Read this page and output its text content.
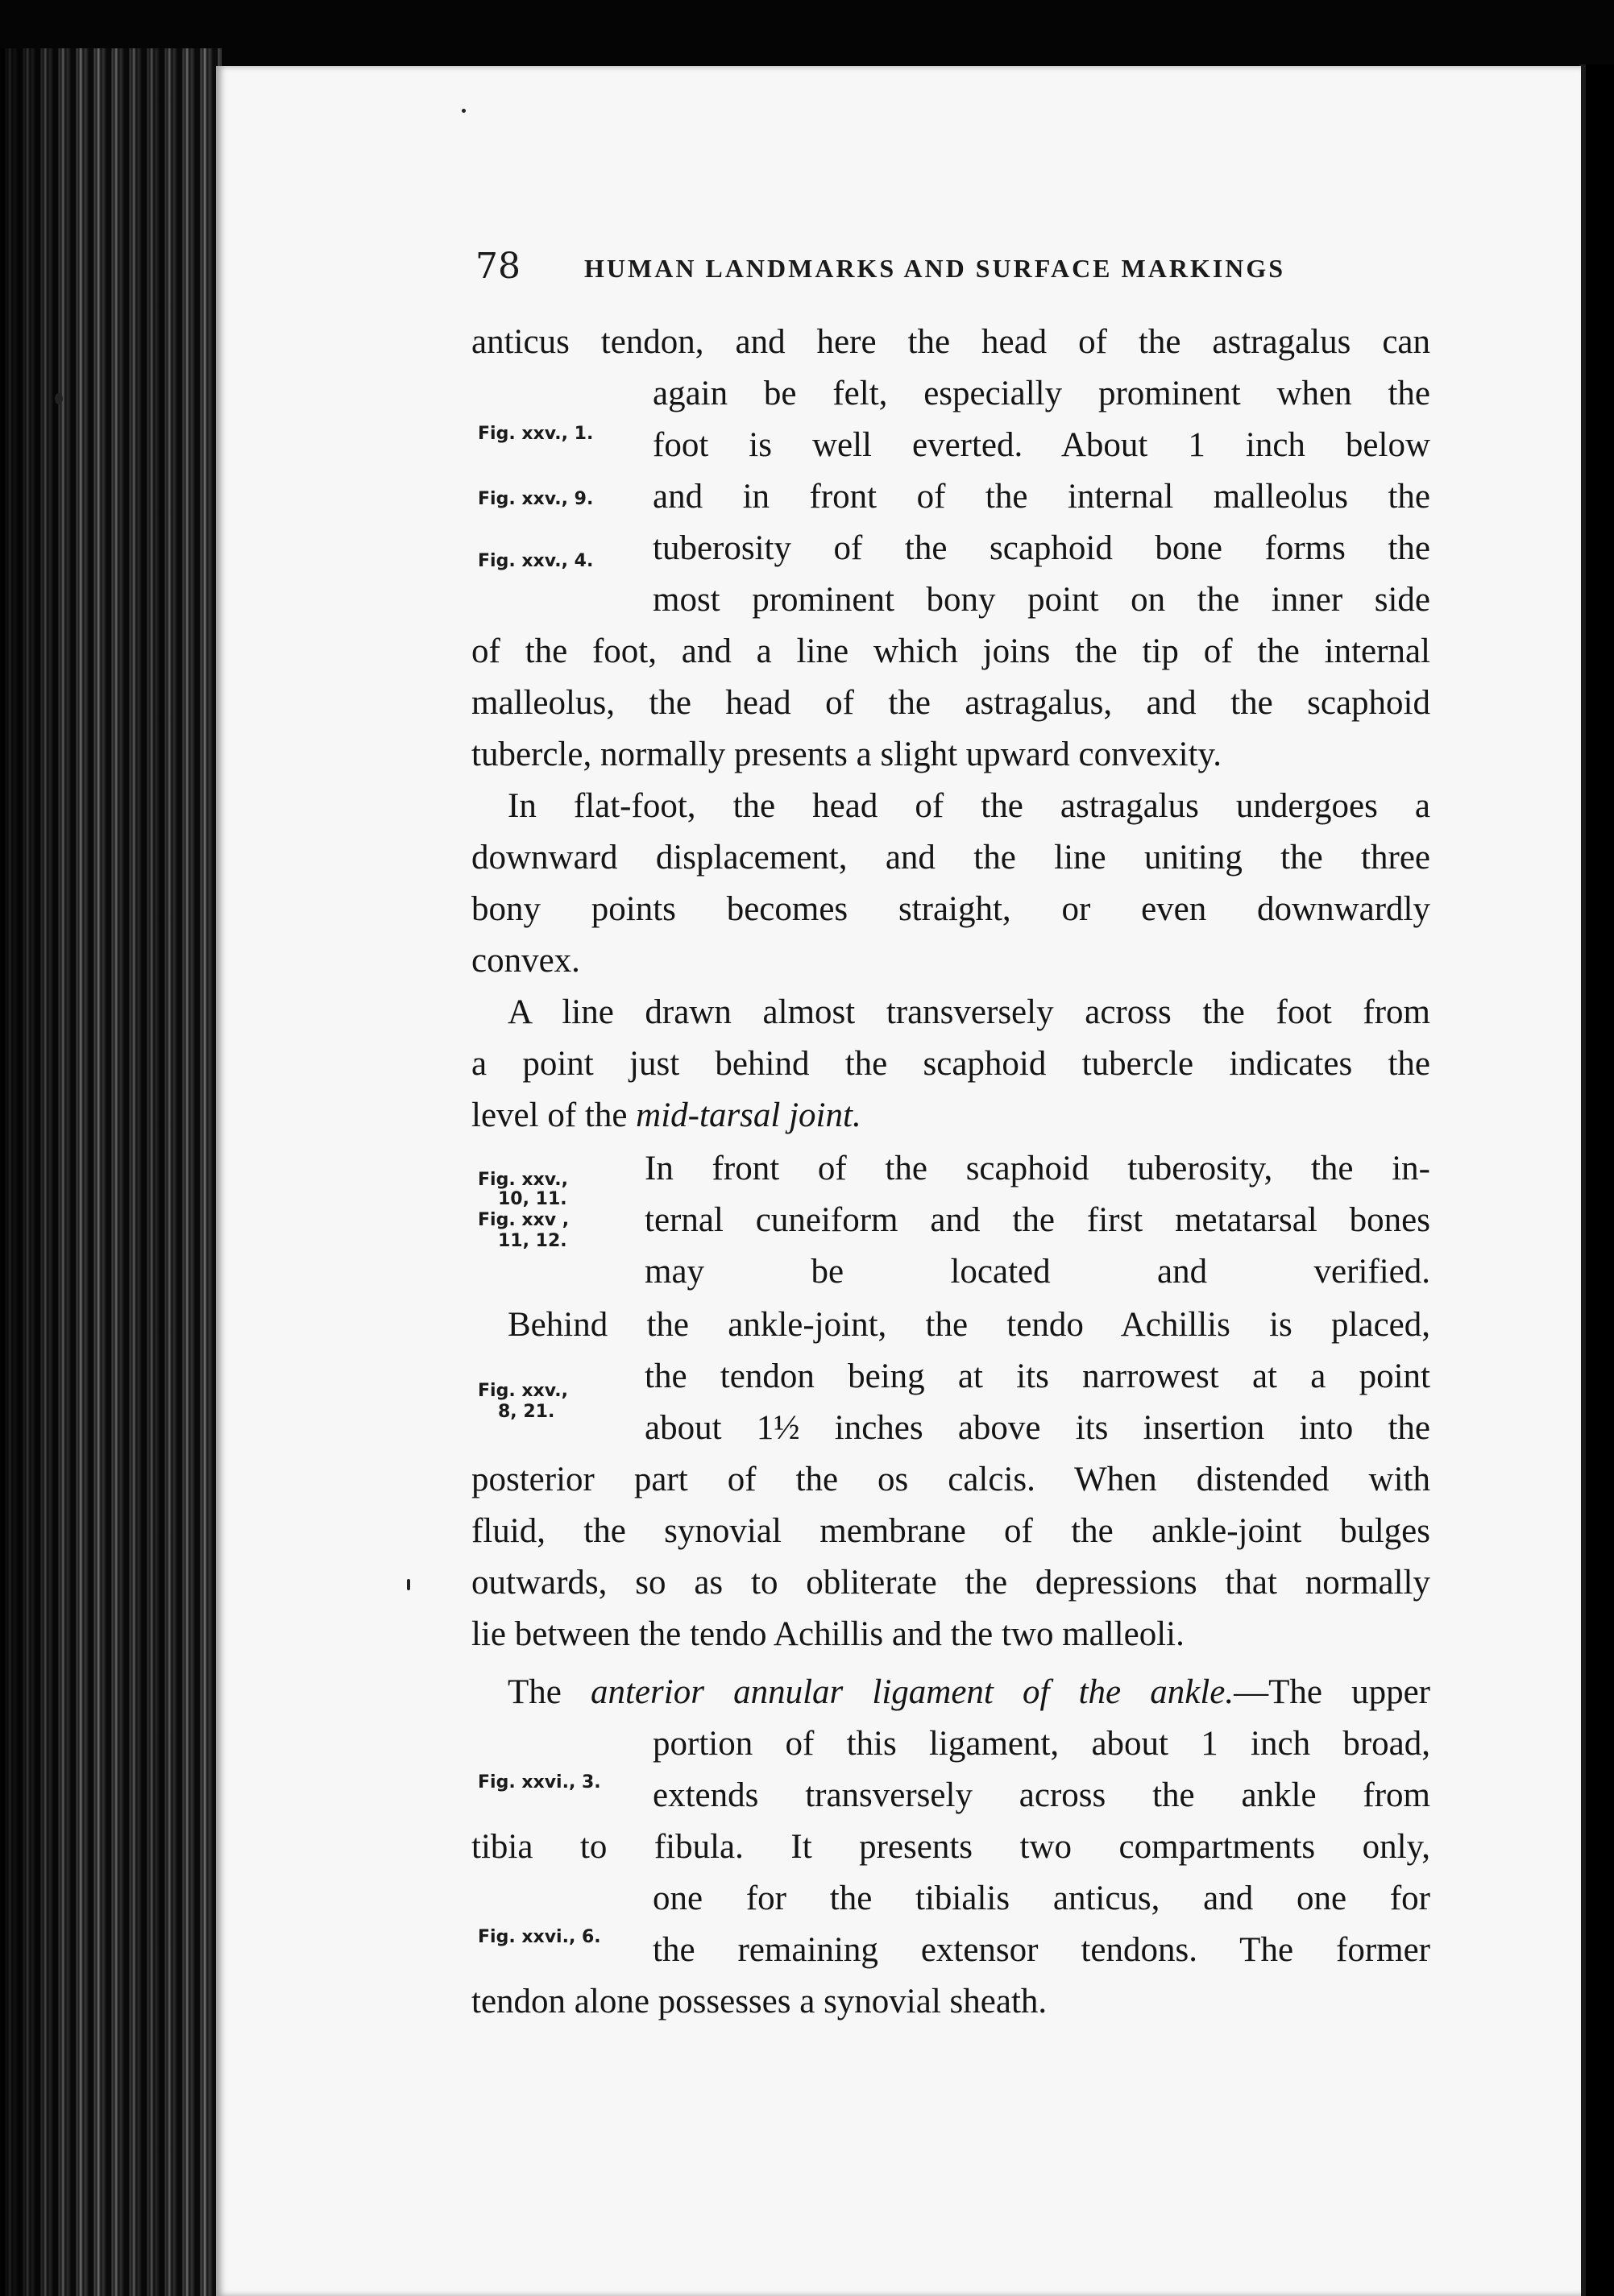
78 HUMAN LANDMARKS AND SURFACE MARKINGS
anticus tendon, and here the head of the astragalus can
again be felt, especially prominent when the
foot is well everted. About 1 inch below
and in front of the internal malleolus the
tuberosity of the scaphoid bone forms the
most prominent bony point on the inner side
of the foot, and a line which joins the tip of the internal
malleolus, the head of the astragalus, and the scaphoid
tubercle, normally presents a slight upward convexity.
In flat-foot, the head of the astragalus undergoes a
downward displacement, and the line uniting the three
bony points becomes straight, or even downwardly
convex.
A line drawn almost transversely across the foot from
a point just behind the scaphoid tubercle indicates the
level of the mid-tarsal joint.
In front of the scaphoid tuberosity, the in-
ternal cuneiform and the first metatarsal bones
may be located and verified.
Behind the ankle-joint, the tendo Achillis is placed,
the tendon being at its narrowest at a point
about 1½ inches above its insertion into the
posterior part of the os calcis. When distended with
fluid, the synovial membrane of the ankle-joint bulges
outwards, so as to obliterate the depressions that normally
lie between the tendo Achillis and the two malleoli.
The anterior annular ligament of the ankle.—The upper
portion of this ligament, about 1 inch broad,
extends transversely across the ankle from
tibia to fibula. It presents two compartments only,
one for the tibialis anticus, and one for
the remaining extensor tendons. The former
tendon alone possesses a synovial sheath.
Fig. xxv., 1.
Fig. xxv., 9.
Fig. xxv., 4.
Fig. xxv.,
10, 11.
Fig. xxv ,
11, 12.
Fig. xxv.,
8, 21.
Fig. xxvi., 3.
Fig. xxvi., 6.
